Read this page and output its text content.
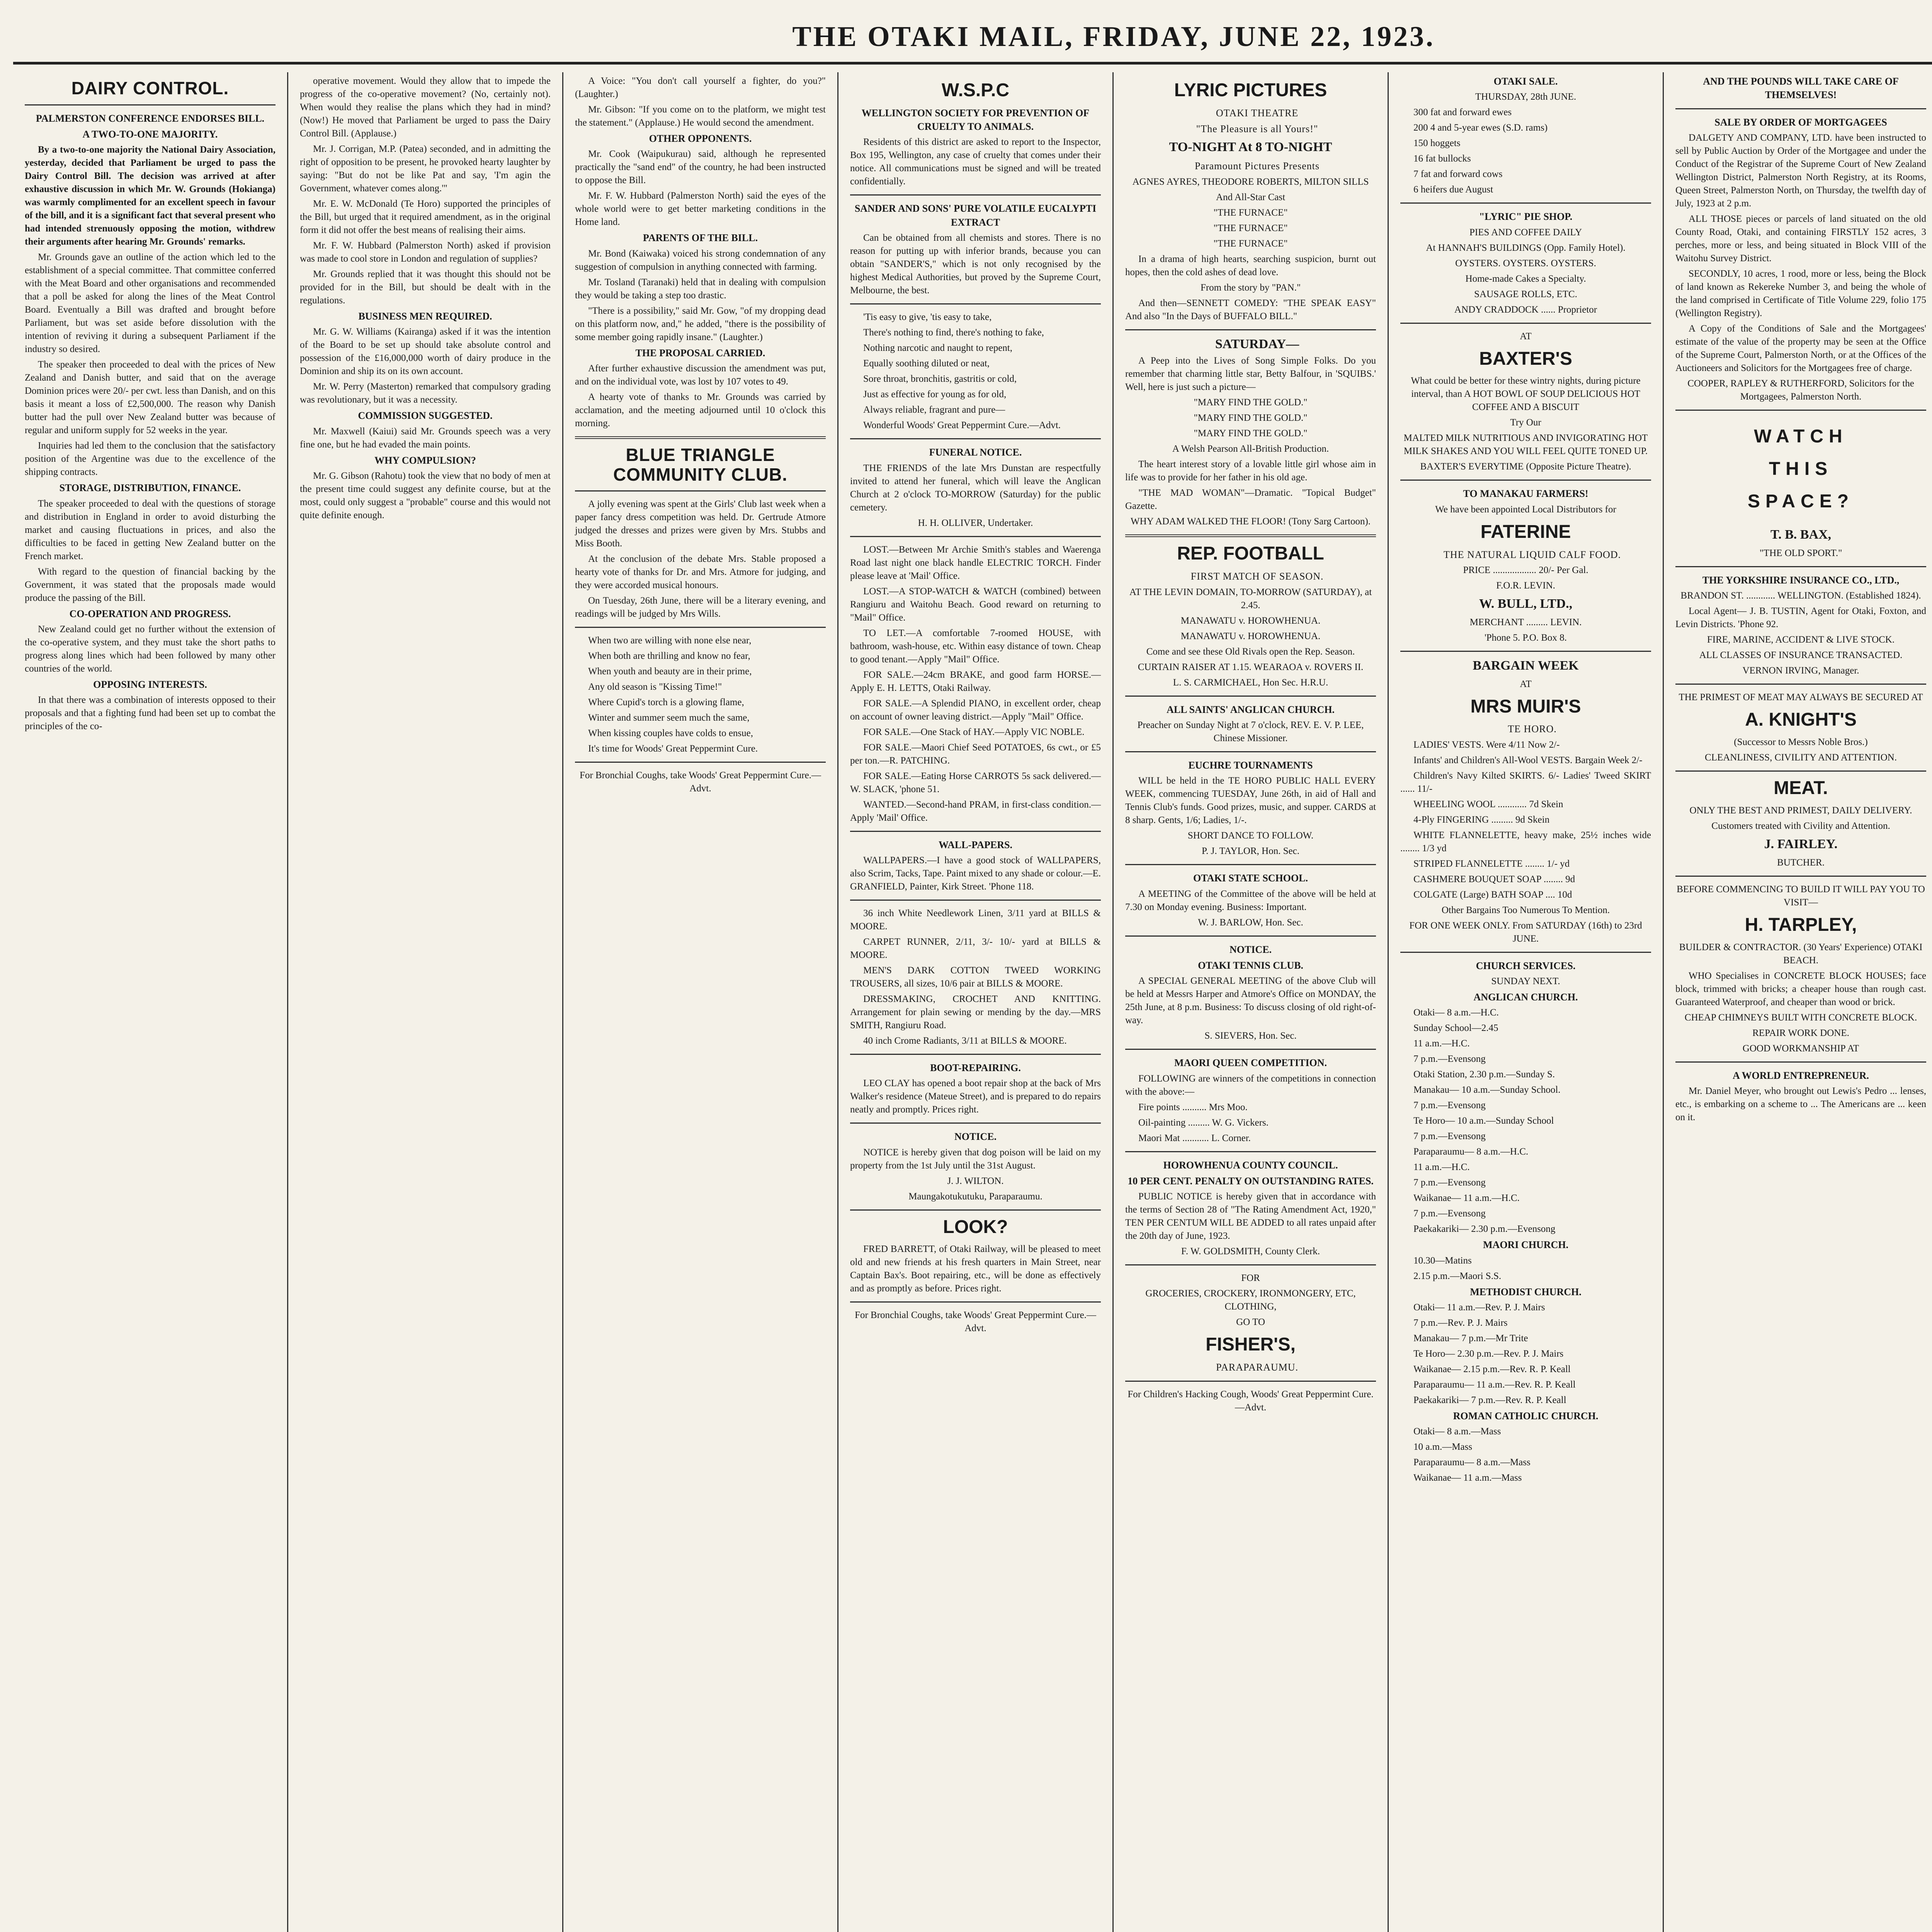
THE OTAKI MAIL, FRIDAY, JUNE 22, 1923.
DAIRY CONTROL.

PALMERSTON CONFERENCE ENDORSES BILL.

A TWO-TO-ONE MAJORITY.

By a two-to-one majority the National Dairy Association, yesterday, decided that Parliament be urged to pass the Dairy Control Bill. The decision was arrived at after exhaustive discussion in which Mr. W. Grounds (Hokianga) was warmly complimented for an excellent speech in favour of the bill, and it is a significant fact that several present who had intended strenuously opposing the motion, withdrew their arguments after hearing Mr. Grounds' remarks.

Mr. Grounds gave an outline of the action which led to the establishment of a special committee. That committee conferred with the Meat Board and other organisations and recommended that a poll be asked for along the lines of the Meat Control Board. Eventually a Bill was drafted and brought before Parliament, but was set aside before dissolution with the intention of reviving it during a subsequent Parliament if the industry so desired.

The speaker then proceeded to deal with the prices of New Zealand and Danish butter, and said that on the average Dominion prices were 20/- per cwt. less than Danish, and on this basis it meant a loss of £2,500,000. The reason why Danish butter had the pull over New Zealand butter was because of regular and uniform supply for 52 weeks in the year.

Inquiries had led them to the conclusion that the satisfactory position of the Argentine was due to the excellence of the shipping contracts.

STORAGE, DISTRIBUTION, FINANCE.

The speaker proceeded to deal with the questions of storage and distribution in England in order to avoid disturbing the market and causing fluctuations in prices, and also the difficulties to be faced in getting New Zealand butter on the French market.

With regard to the question of financial backing by the Government, it was stated that the proposals made would produce the passing of the Bill.

CO-OPERATION AND PROGRESS.

New Zealand could get no further without the extension of the co-operative system, and they must take the short paths to progress along lines which had been followed by many other countries of the world.

OPPOSING INTERESTS.

In that there was a combination of interests opposed to their proposals and that a fighting fund had been set up to combat the principles of the co-

operative movement. Would they allow that to impede the progress of the co-operative movement? (No, certainly not). When would they realise the plans which they had in mind? (Now!) He moved that Parliament be urged to pass the Dairy Control Bill. (Applause.)

Mr. J. Corrigan, M.P. (Patea) seconded, and in admitting the right of opposition to be present, he provoked hearty laughter by saying: "But do not be like Pat and say, 'I'm agin the Government, whatever comes along.'"

Mr. E. W. McDonald (Te Horo) supported the principles of the Bill, but urged that it required amendment, as in the original form it did not offer the best means of realising their aims.

Mr. F. W. Hubbard (Palmerston North) asked if provision was made to cool store in London and regulation of supplies?

Mr. Grounds replied that it was thought this should not be provided for in the Bill, but should be dealt with in the regulations.

BUSINESS MEN REQUIRED.

Mr. G. W. Williams (Kairanga) asked if it was the intention of the Board to be set up should take absolute control and possession of the £16,000,000 worth of dairy produce in the Dominion and ship its on its own account.

Mr. W. Perry (Masterton) remarked that compulsory grading was revolutionary, but it was a necessity.

COMMISSION SUGGESTED.

Mr. Maxwell (Kaiui) said Mr. Grounds speech was a very fine one, but he had evaded the main points.

WHY COMPULSION?

Mr. G. Gibson (Rahotu) took the view that no body of men at the present time could suggest any definite course, but at the most, could only suggest a "probable" course and this would not quite definite enough.

A Voice: "You don't call yourself a fighter, do you?" (Laughter.)

Mr. Gibson: "If you come on to the platform, we might test the statement." (Applause.) He would second the amendment.

OTHER OPPONENTS.

Mr. Cook (Waipukurau) said, although he represented practically the "sand end" of the country, he had been instructed to oppose the Bill.

Mr. F. W. Hubbard (Palmerston North) said the eyes of the whole world were to get better marketing conditions in the Home land.

PARENTS OF THE BILL.

Mr. Bond (Kaiwaka) voiced his strong condemnation of any suggestion of compulsion in anything connected with farming.

Mr. Tosland (Taranaki) held that in dealing with compulsion they would be taking a step too drastic.

"There is a possibility," said Mr. Gow, "of my dropping dead on this platform now, and," he added, "there is the possibility of some member going rapidly insane." (Laughter.)

THE PROPOSAL CARRIED.

After further exhaustive discussion the amendment was put, and on the individual vote, was lost by 107 votes to 49.

A hearty vote of thanks to Mr. Grounds was carried by acclamation, and the meeting adjourned until 10 o'clock this morning.

BLUE TRIANGLE COMMUNITY CLUB.

A jolly evening was spent at the Girls' Club last week when a paper fancy dress competition was held. Dr. Gertrude Atmore judged the dresses and prizes were given by Mrs. Stubbs and Miss Booth.

At the conclusion of the debate Mrs. Stable proposed a hearty vote of thanks for Dr. and Mrs. Atmore for judging, and they were accorded musical honours.

On Tuesday, 26th June, there will be a literary evening, and readings will be judged by Mrs Wills.

When two are willing with none else near,

When both are thrilling and know no fear,

When youth and beauty are in their prime,

Any old season is "Kissing Time!"

Where Cupid's torch is a glowing flame,

Winter and summer seem much the same,

When kissing couples have colds to ensue,

It's time for Woods' Great Peppermint Cure.

For Bronchial Coughs, take Woods' Great Peppermint Cure.—Advt.

W.S.P.C

WELLINGTON SOCIETY FOR PREVENTION OF CRUELTY TO ANIMALS.

Residents of this district are asked to report to the Inspector, Box 195, Wellington, any case of cruelty that comes under their notice. All communications must be signed and will be treated confidentially.

SANDER AND SONS' PURE VOLATILE EUCALYPTI EXTRACT

Can be obtained from all chemists and stores. There is no reason for putting up with inferior brands, because you can obtain "SANDER'S," which is not only recognised by the highest Medical Authorities, but proved by the Supreme Court, Melbourne, the best.

'Tis easy to give, 'tis easy to take,

There's nothing to find, there's nothing to fake,

Nothing narcotic and naught to repent,

Equally soothing diluted or neat,

Sore throat, bronchitis, gastritis or cold,

Just as effective for young as for old,

Always reliable, fragrant and pure—

Wonderful Woods' Great Peppermint Cure.—Advt.

FUNERAL NOTICE.

THE FRIENDS of the late Mrs Dunstan are respectfully invited to attend her funeral, which will leave the Anglican Church at 2 o'clock TO-MORROW (Saturday) for the public cemetery.

H. H. OLLIVER, Undertaker.

LOST.—Between Mr Archie Smith's stables and Waerenga Road last night one black handle ELECTRIC TORCH. Finder please leave at 'Mail' Office.

LOST.—A STOP-WATCH & WATCH (combined) between Rangiuru and Waitohu Beach. Good reward on returning to "Mail" Office.

TO LET.—A comfortable 7-roomed HOUSE, with bathroom, wash-house, etc. Within easy distance of town. Cheap to good tenant.—Apply "Mail" Office.

FOR SALE.—24cm BRAKE, and good farm HORSE.—Apply E. H. LETTS, Otaki Railway.

FOR SALE.—A Splendid PIANO, in excellent order, cheap on account of owner leaving district.—Apply "Mail" Office.

FOR SALE.—One Stack of HAY.—Apply VIC NOBLE.

FOR SALE.—Maori Chief Seed POTATOES, 6s cwt., or £5 per ton.—R. PATCHING.

FOR SALE.—Eating Horse CARROTS 5s sack delivered.—W. SLACK, 'phone 51.

WANTED.—Second-hand PRAM, in first-class condition.—Apply 'Mail' Office.

WALL-PAPERS.

WALLPAPERS.—I have a good stock of WALLPAPERS, also Scrim, Tacks, Tape. Paint mixed to any shade or colour.—E. GRANFIELD, Painter, Kirk Street. 'Phone 118.

36 inch White Needlework Linen, 3/11 yard at BILLS & MOORE.

CARPET RUNNER, 2/11, 3/- 10/- yard at BILLS & MOORE.

MEN'S DARK COTTON TWEED WORKING TROUSERS, all sizes, 10/6 pair at BILLS & MOORE.

DRESSMAKING, CROCHET AND KNITTING. Arrangement for plain sewing or mending by the day.—MRS SMITH, Rangiuru Road.

40 inch Crome Radiants, 3/11 at BILLS & MOORE.

BOOT-REPAIRING.

LEO CLAY has opened a boot repair shop at the back of Mrs Walker's residence (Mateue Street), and is prepared to do repairs neatly and promptly. Prices right.

NOTICE.

NOTICE is hereby given that dog poison will be laid on my property from the 1st July until the 31st August.

J. J. WILTON.

Maungakotukutuku, Paraparaumu.

LOOK?

FRED BARRETT, of Otaki Railway, will be pleased to meet old and new friends at his fresh quarters in Main Street, near Captain Bax's. Boot repairing, etc., will be done as effectively and as promptly as before. Prices right.

For Bronchial Coughs, take Woods' Great Peppermint Cure.—Advt.

LYRIC PICTURES

OTAKI THEATRE

"The Pleasure is all Yours!"

TO-NIGHT At 8 TO-NIGHT

Paramount Pictures Presents

AGNES AYRES, THEODORE ROBERTS, MILTON SILLS

And All-Star Cast

"THE FURNACE"

"THE FURNACE"

"THE FURNACE"

In a drama of high hearts, searching suspicion, burnt out hopes, then the cold ashes of dead love.

From the story by "PAN."

And then—SENNETT COMEDY: "THE SPEAK EASY" And also "In the Days of BUFFALO BILL."

SATURDAY—

A Peep into the Lives of Song Simple Folks. Do you remember that charming little star, Betty Balfour, in 'SQUIBS.' Well, here is just such a picture—

"MARY FIND THE GOLD."

"MARY FIND THE GOLD."

"MARY FIND THE GOLD."

A Welsh Pearson All-British Production.

The heart interest story of a lovable little girl whose aim in life was to provide for her father in his old age.

"THE MAD WOMAN"—Dramatic. "Topical Budget" Gazette.

WHY ADAM WALKED THE FLOOR! (Tony Sarg Cartoon).

REP. FOOTBALL

FIRST MATCH OF SEASON.

AT THE LEVIN DOMAIN, TO-MORROW (SATURDAY), at 2.45.

MANAWATU v. HOROWHENUA.

MANAWATU v. HOROWHENUA.

Come and see these Old Rivals open the Rep. Season.

CURTAIN RAISER AT 1.15. WEARAOA v. ROVERS II.

L. S. CARMICHAEL, Hon Sec. H.R.U.

ALL SAINTS' ANGLICAN CHURCH.

Preacher on Sunday Night at 7 o'clock, REV. E. V. P. LEE, Chinese Missioner.

EUCHRE TOURNAMENTS

WILL be held in the TE HORO PUBLIC HALL EVERY WEEK, commencing TUESDAY, June 26th, in aid of Hall and Tennis Club's funds. Good prizes, music, and supper. CARDS at 8 sharp. Gents, 1/6; Ladies, 1/-.

SHORT DANCE TO FOLLOW.

P. J. TAYLOR, Hon. Sec.

OTAKI STATE SCHOOL.

A MEETING of the Committee of the above will be held at 7.30 on Monday evening. Business: Important.

W. J. BARLOW, Hon. Sec.

NOTICE.

OTAKI TENNIS CLUB.

A SPECIAL GENERAL MEETING of the above Club will be held at Messrs Harper and Atmore's Office on MONDAY, the 25th June, at 8 p.m. Business: To discuss closing of old right-of-way.

S. SIEVERS, Hon. Sec.

MAORI QUEEN COMPETITION.

FOLLOWING are winners of the competitions in connection with the above:—

Fire points .......... Mrs Moo.

Oil-painting ......... W. G. Vickers.

Maori Mat ........... L. Corner.

HOROWHENUA COUNTY COUNCIL.

10 PER CENT. PENALTY ON OUTSTANDING RATES.

PUBLIC NOTICE is hereby given that in accordance with the terms of Section 28 of "The Rating Amendment Act, 1920," TEN PER CENTUM WILL BE ADDED to all rates unpaid after the 20th day of June, 1923.

F. W. GOLDSMITH, County Clerk.

FOR

GROCERIES, CROCKERY, IRONMONGERY, ETC, CLOTHING,

GO TO

FISHER'S,

PARAPARAUMU.

For Children's Hacking Cough, Woods' Great Peppermint Cure.—Advt.

OTAKI SALE.

THURSDAY, 28th JUNE.

300 fat and forward ewes

200 4 and 5-year ewes (S.D. rams)

150 hoggets

16 fat bullocks

7 fat and forward cows

6 heifers due August

"LYRIC" PIE SHOP.

PIES AND COFFEE DAILY

At HANNAH'S BUILDINGS (Opp. Family Hotel).

OYSTERS. OYSTERS. OYSTERS.

Home-made Cakes a Specialty.

SAUSAGE ROLLS, ETC.

ANDY CRADDOCK ...... Proprietor

AT

BAXTER'S

What could be better for these wintry nights, during picture interval, than A HOT BOWL OF SOUP DELICIOUS HOT COFFEE AND A BISCUIT

Try Our

MALTED MILK NUTRITIOUS AND INVIGORATING HOT MILK SHAKES AND YOU WILL FEEL QUITE TONED UP.

BAXTER'S EVERYTIME (Opposite Picture Theatre).

TO MANAKAU FARMERS!

We have been appointed Local Distributors for

FATERINE

THE NATURAL LIQUID CALF FOOD.

PRICE .................. 20/- Per Gal.

F.O.R. LEVIN.

W. BULL, LTD.,

MERCHANT ......... LEVIN.

'Phone 5. P.O. Box 8.

BARGAIN WEEK

AT

MRS MUIR'S

TE HORO.

LADIES' VESTS. Were 4/11 Now 2/-

Infants' and Children's All-Wool VESTS. Bargain Week 2/-

Children's Navy Kilted SKIRTS. 6/- Ladies' Tweed SKIRT ...... 11/-

WHEELING WOOL ............ 7d Skein

4-Ply FINGERING ......... 9d Skein

WHITE FLANNELETTE, heavy make, 25½ inches wide ........ 1/3 yd

STRIPED FLANNELETTE ........ 1/- yd

CASHMERE BOUQUET SOAP ........ 9d

COLGATE (Large) BATH SOAP .... 10d

Other Bargains Too Numerous To Mention.

FOR ONE WEEK ONLY. From SATURDAY (16th) to 23rd JUNE.

CHURCH SERVICES.

SUNDAY NEXT.

ANGLICAN CHURCH.

Otaki— 8 a.m.—H.C.

Sunday School—2.45

11 a.m.—H.C.

7 p.m.—Evensong

Otaki Station, 2.30 p.m.—Sunday S.

Manakau— 10 a.m.—Sunday School.

7 p.m.—Evensong

Te Horo— 10 a.m.—Sunday School

7 p.m.—Evensong

Paraparaumu— 8 a.m.—H.C.

11 a.m.—H.C.

7 p.m.—Evensong

Waikanae— 11 a.m.—H.C.

7 p.m.—Evensong

Paekakariki— 2.30 p.m.—Evensong

MAORI CHURCH.

10.30—Matins

2.15 p.m.—Maori S.S.

METHODIST CHURCH.

Otaki— 11 a.m.—Rev. P. J. Mairs

7 p.m.—Rev. P. J. Mairs

Manakau— 7 p.m.—Mr Trite

Te Horo— 2.30 p.m.—Rev. P. J. Mairs

Waikanae— 2.15 p.m.—Rev. R. P. Keall

Paraparaumu— 11 a.m.—Rev. R. P. Keall

Paekakariki— 7 p.m.—Rev. R. P. Keall

ROMAN CATHOLIC CHURCH.

Otaki— 8 a.m.—Mass

10 a.m.—Mass

Paraparaumu— 8 a.m.—Mass

Waikanae— 11 a.m.—Mass

AND THE POUNDS WILL TAKE CARE OF THEMSELVES!

SALE BY ORDER OF MORTGAGEES

DALGETY AND COMPANY, LTD. have been instructed to sell by Public Auction by Order of the Mortgagee and under the Conduct of the Registrar of the Supreme Court of New Zealand Wellington District, Palmerston North Registry, at its Rooms, Queen Street, Palmerston North, on Thursday, the twelfth day of July, 1923 at 2 p.m.

ALL THOSE pieces or parcels of land situated on the old County Road, Otaki, and containing FIRSTLY 152 acres, 3 perches, more or less, and being situated in Block VIII of the Waitohu Survey District.

SECONDLY, 10 acres, 1 rood, more or less, being the Block of land known as Rekereke Number 3, and being the whole of the land comprised in Certificate of Title Volume 229, folio 175 (Wellington Registry).

A Copy of the Conditions of Sale and the Mortgagees' estimate of the value of the property may be seen at the Office of the Supreme Court, Palmerston North, or at the Offices of the Auctioneers and Solicitors for the Mortgagees free of charge.

COOPER, RAPLEY & RUTHERFORD, Solicitors for the Mortgagees, Palmerston North.

WATCH
THIS
SPACE?
T. B. BAX,

"THE OLD SPORT."

THE YORKSHIRE INSURANCE CO., LTD.,

BRANDON ST. ............ WELLINGTON. (Established 1824).

Local Agent— J. B. TUSTIN, Agent for Otaki, Foxton, and Levin Districts. 'Phone 92.

FIRE, MARINE, ACCIDENT & LIVE STOCK.

ALL CLASSES OF INSURANCE TRANSACTED.

VERNON IRVING, Manager.

THE PRIMEST OF MEAT MAY ALWAYS BE SECURED AT

A. KNIGHT'S

(Successor to Messrs Noble Bros.)

CLEANLINESS, CIVILITY AND ATTENTION.

MEAT.

ONLY THE BEST AND PRIMEST, DAILY DELIVERY.

Customers treated with Civility and Attention.

J. FAIRLEY.

BUTCHER.

BEFORE COMMENCING TO BUILD IT WILL PAY YOU TO VISIT—

H. TARPLEY,

BUILDER & CONTRACTOR. (30 Years' Experience) OTAKI BEACH.

WHO Specialises in CONCRETE BLOCK HOUSES; face block, trimmed with bricks; a cheaper house than rough cast. Guaranteed Waterproof, and cheaper than wood or brick.

CHEAP CHIMNEYS BUILT WITH CONCRETE BLOCK.

REPAIR WORK DONE.

GOOD WORKMANSHIP AT

A WORLD ENTREPRENEUR.

Mr. Daniel Meyer, who brought out Lewis's Pedro ... lenses, etc., is embarking on a scheme to ... The Americans are ... keen on it.
